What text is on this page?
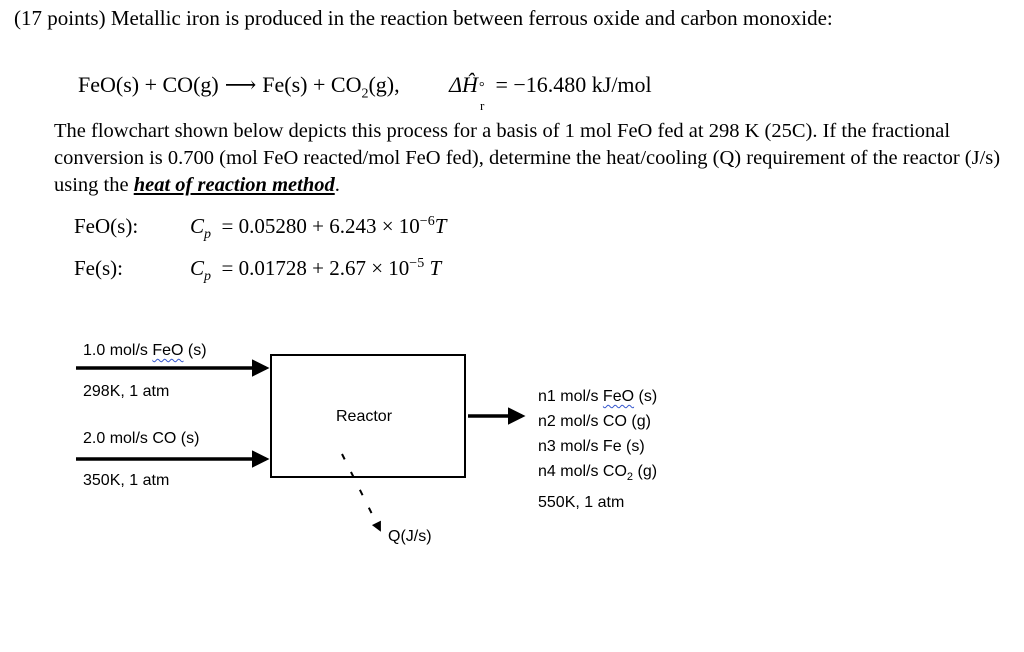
(17 points) Metallic iron is produced in the reaction between ferrous oxide and carbon monoxide:
FeO(s) + CO(g) ⟶ $Fe(s) + CO_2(g)$, ΔĤ °
r
= −16.480 kJ/mol
The flowchart shown below depicts this process for a basis of 1 mol FeO fed at 298 K (25C). If the fractional conversion is 0.700 (mol FeO reacted/mol FeO fed), determine the heat/cooling (Q) requirement of the reactor (J/s) using the heat of reaction method.
FeO(s): $C_p = 0.05280 + 6.243 \times 10^{-6}T$
Fe(s):	$C_p = 0.01728 + 2.67 \times 10^{-5}$ T
Reactor
1.0 mol/s FeO (s)
298K, 1 atm
2.0 mol/s CO (s)
350K, 1 atm
n1 mol/s FeO (s)
n2 mol/s CO (g)
n3 mol/s Fe (s)
n4 mol/s $CO_2$ (g)
550K, 1 atm
Q(J/s)
